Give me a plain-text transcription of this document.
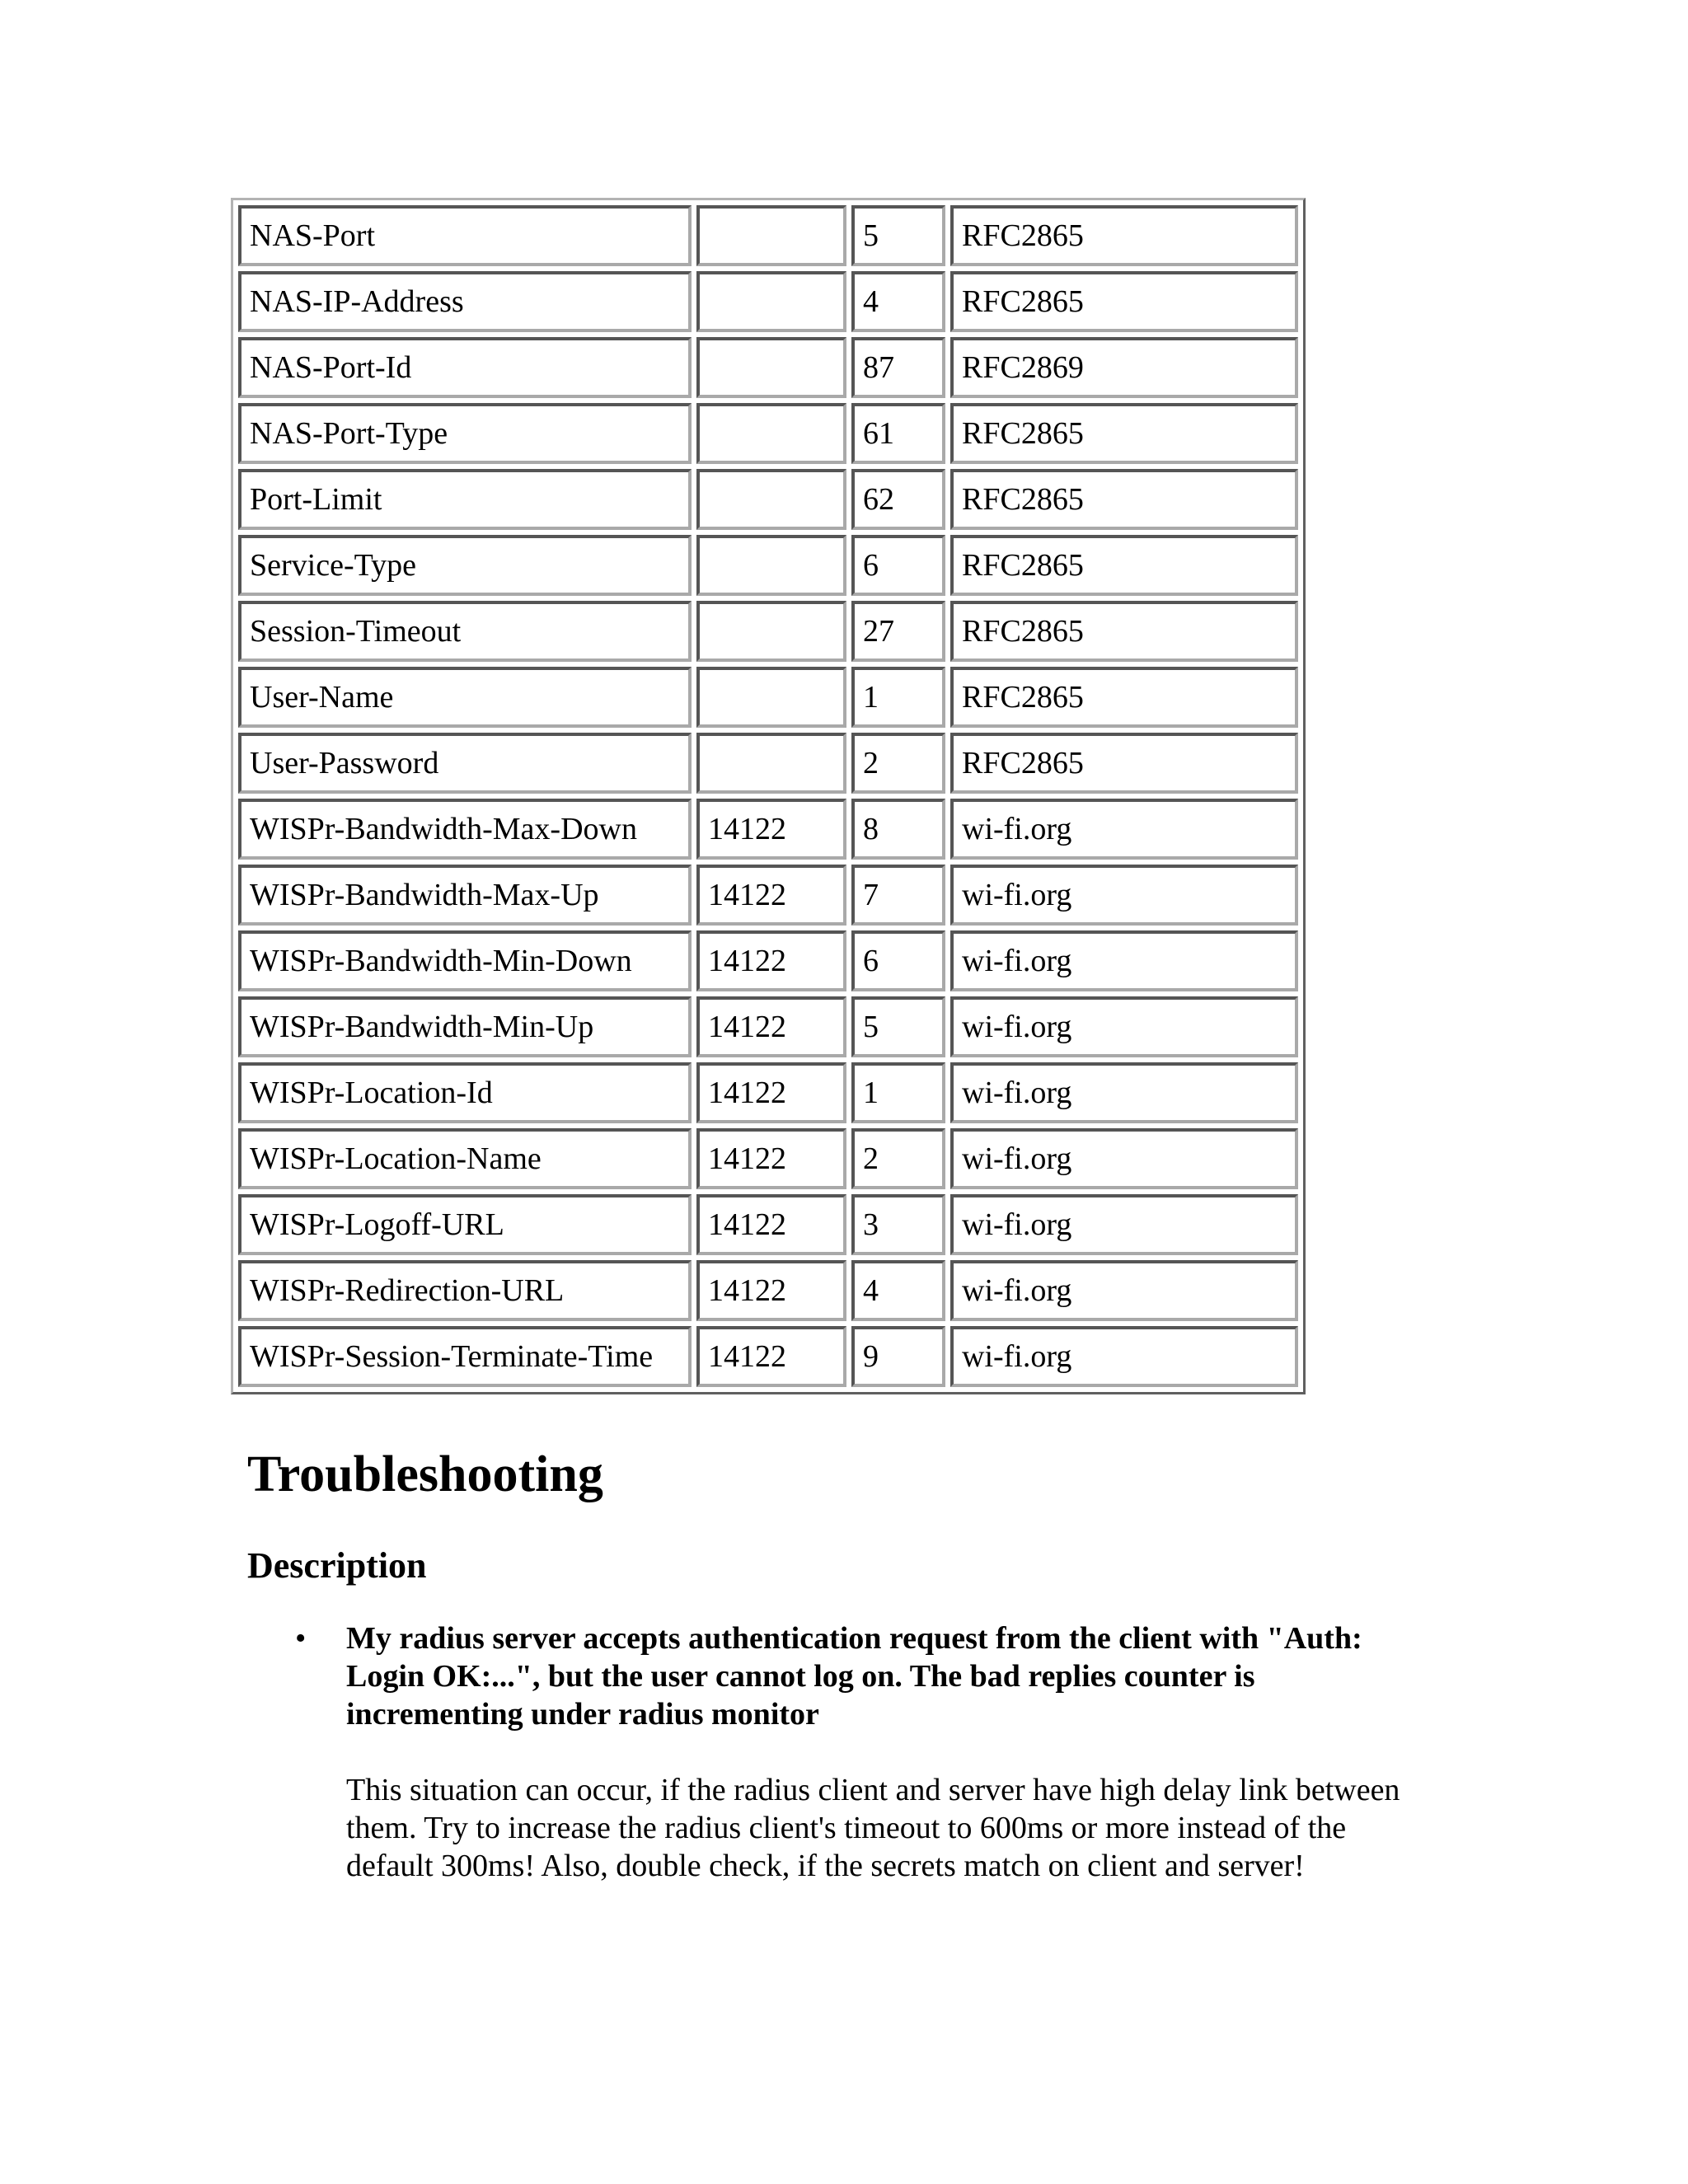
NAS-Port		5	RFC2865
NAS-IP-Address		4	RFC2865
NAS-Port-Id		87	RFC2869
NAS-Port-Type		61	RFC2865
Port-Limit		62	RFC2865
Service-Type		6	RFC2865
Session-Timeout		27	RFC2865
User-Name		1	RFC2865
User-Password		2	RFC2865
WISPr-Bandwidth-Max-Down	14122	8	wi-fi.org
WISPr-Bandwidth-Max-Up	14122	7	wi-fi.org
WISPr-Bandwidth-Min-Down	14122	6	wi-fi.org
WISPr-Bandwidth-Min-Up	14122	5	wi-fi.org
WISPr-Location-Id	14122	1	wi-fi.org
WISPr-Location-Name	14122	2	wi-fi.org
WISPr-Logoff-URL	14122	3	wi-fi.org
WISPr-Redirection-URL	14122	4	wi-fi.org
WISPr-Session-Terminate-Time	14122	9	wi-fi.org
Troubleshooting
Description
• My radius server accepts authentication request from the client with "Auth: Login OK:...", but the user cannot log on. The bad replies counter is incrementing under radius monitor

This situation can occur, if the radius client and server have high delay link between them. Try to increase the radius client's timeout to 600ms or more instead of the default 300ms! Also, double check, if the secrets match on client and server!
